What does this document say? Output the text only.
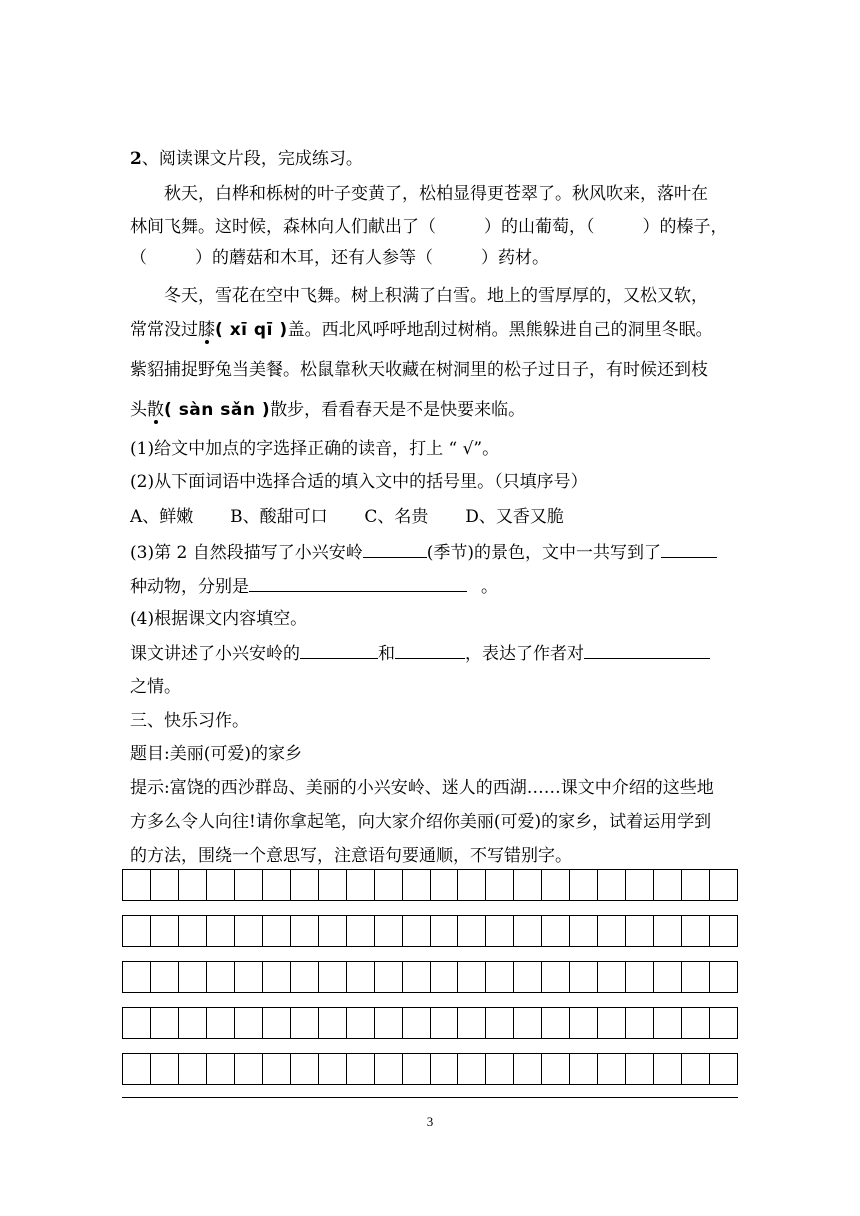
2、阅读课文片段，完成练习。
秋天，白桦和栎树的叶子变黄了，松柏显得更苍翠了。秋风吹来，落叶在
林间飞舞。这时候，森林向人们献出了（	）的山葡萄，（	）的榛子，
（	）的蘑菇和木耳，还有人参等（	）药材。
冬天，雪花在空中飞舞。树上积满了白雪。地上的雪厚厚的，又松又软，
常常没过膝( xī qī )盖。西北风呼呼地刮过树梢。黑熊躲进自己的洞里冬眠。
紫貂捕捉野兔当美餐。松鼠靠秋天收藏在树洞里的松子过日子，有时候还到枝
头散( sàn sǎn )散步，看看春天是不是快要来临。
(1)给文中加点的字选择正确的读音，打上 “ √”。
(2)从下面词语中选择合适的填入文中的括号里。（只填序号）
A、鲜嫩 B、酸甜可口 C、名贵 D、又香又脆
(3)第 2 自然段描写了小兴安岭	(季节)的景色，文中一共写到了
种动物，分别是	。
(4)根据课文内容填空。
课文讲述了小兴安岭的	和	，表达了作者对
之情。
三、快乐习作。
题目:美丽(可爱)的家乡
提示:富饶的西沙群岛、美丽的小兴安岭、迷人的西湖……课文中介绍的这些地
方多么令人向往!请你拿起笔，向大家介绍你美丽(可爱)的家乡，试着运用学到
的方法，围绕一个意思写，注意语句要通顺，不写错别字。
3
